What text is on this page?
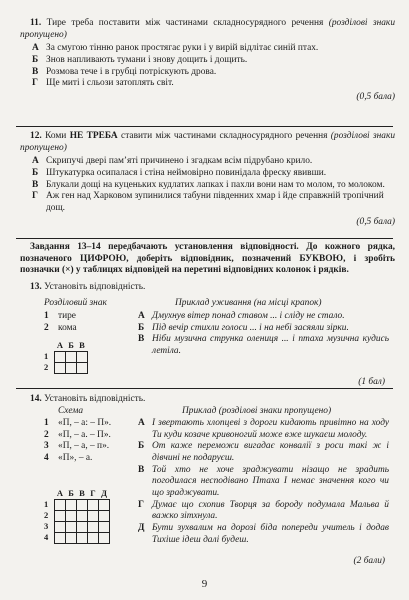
11. Тире треба поставити між частинами складносурядного речення (розділові знаки пропущено)
А За смугою тінню ранок простягає руки і у вирій відлітає синій птах.
Б Знов напливають тумани і знову дощить і дощить.
В Розмова тече і в грубці потріскують дрова.
Г Ще миті і сльози затоплять світ.
(0,5 бала)
12. Коми НЕ ТРЕБА ставити між частинами складносурядного речення (розділові знаки пропущено)
А Скрипучі двері пам’яті причинено і згадкам всім підрубано крило.
Б Штукатурка осипалася і стіна неймовірно повинідала фреску явивши.
В Блукали дощі на куценьких кудлатих лапках і пахли вони нам то молом, то молоком.
Г Аж ген над Харковом зупинилися табуни південних хмар і йде справжній тропічний дощ.
(0,5 бала)
Завдання 13–14 передбачають установлення відповідності. До кожного рядка, позначеного ЦИФРОЮ, доберіть відповідник, позначений БУКВОЮ, і зробіть позначки (×) у таблицях відповідей на перетині відповідних колонок і рядків.
13. Установіть відповідність.
Розділовий знак	Приклад уживання (на місці крапок)
1 тире
2 кома
А Дмухнув вітер понад ставом ... і сліду не стало.
Б Під вечір стихли голоси ... і на небі засяяли зірки.
В Ніби музична струнка олениця ... і птаха музична кудись летіла.
	А	Б	В
1			
2			
(1 бал)
14. Установіть відповідність.
Схема	Приклад (розділові знаки пропущено)
1 «П, – а: – П».
2 «П, – а. – П».
3 «П, – а, – п».
4 «П», – а.
А І звертають хлопцеві з дороги кидають привітно на ходу Ти куди козаче кривоногий може вже шукаєш молоду.
Б От каже переможи вигадає конвалії з роси такі ж і дівчині не подаруєш.
В Той хто не хоче зраджувати нізащо не зрадить погодилася несподівано Птаха І немає значення кого чи що зраджувати.
Г Думає що схопив Творця за бороду подумала Мальва й важко зітхнула.
Д Бути зухвалим на дорозі біда попереди учитель і додав Тихіше ідеш далі будеш.
	А	Б	В	Г	Д
1					
2					
3					
4					
(2 бали)
9
